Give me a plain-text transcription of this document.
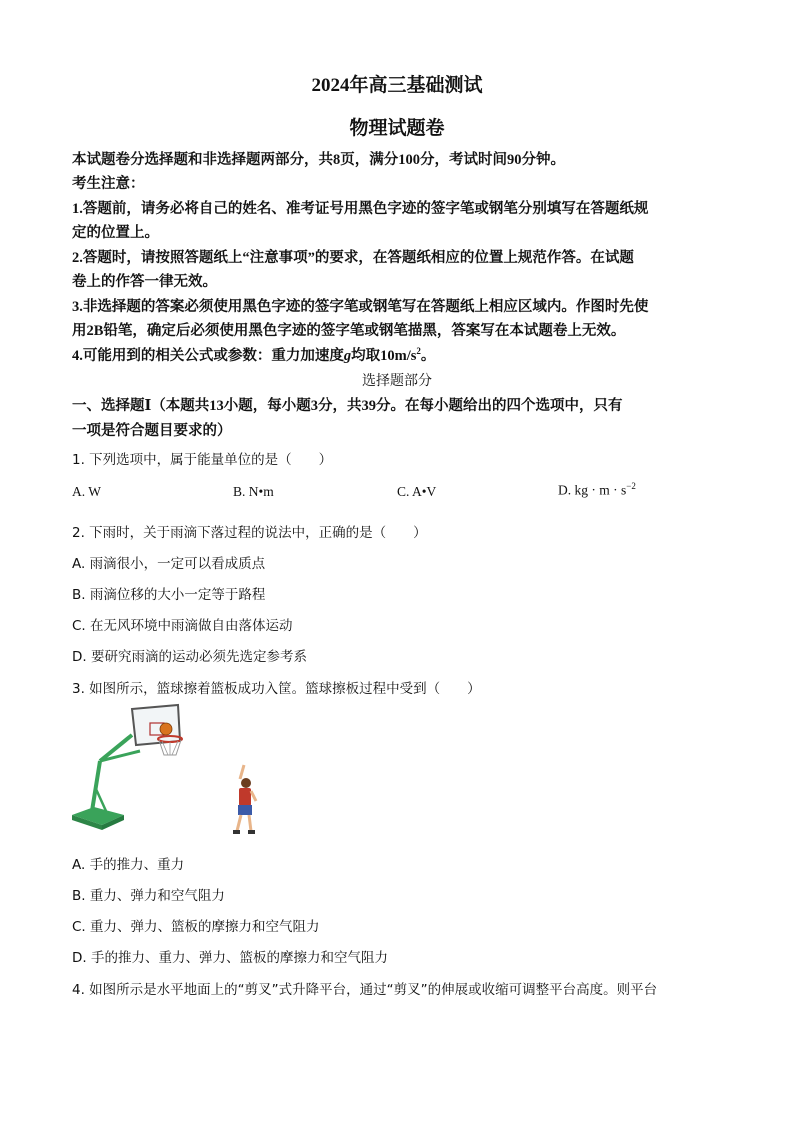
2024年高三基础测试
物理试题卷
本试题卷分选择题和非选择题两部分，共8页，满分100分，考试时间90分钟。
考生注意：
1.答题前，请务必将自己的姓名、准考证号用黑色字迹的签字笔或钢笔分别填写在答题纸规
定的位置上。
2.答题时，请按照答题纸上“注意事项”的要求，在答题纸相应的位置上规范作答。在试题
卷上的作答一律无效。
3.非选择题的答案必须使用黑色字迹的签字笔或钢笔写在答题纸上相应区域内。作图时先使
用2B铅笔，确定后必须使用黑色字迹的签字笔或钢笔描黑，答案写在本试题卷上无效。
4.可能用到的相关公式或参数：重力加速度g均取$10m/s^2$。
选择题部分
一、选择题Ⅰ（本题共13小题，每小题3分，共39分。在每小题给出的四个选项中，只有
一项是符合题目要求的）
1. 下列选项中，属于能量单位的是（　　）
A. W	B. N•m	C. A•V	D. kg · $m \cdot s^{-2}$
2. 下雨时，关于雨滴下落过程的说法中，正确的是（　　）
A. 雨滴很小，一定可以看成质点
B. 雨滴位移的大小一定等于路程
C. 在无风环境中雨滴做自由落体运动
D. 要研究雨滴的运动必须先选定参考系
3. 如图所示，篮球擦着篮板成功入筐。篮球擦板过程中受到（　　）
A. 手的推力、重力
B. 重力、弹力和空气阻力
C. 重力、弹力、篮板的摩擦力和空气阻力
D. 手的推力、重力、弹力、篮板的摩擦力和空气阻力
4. 如图所示是水平地面上的“剪叉”式升降平台，通过“剪叉”的伸展或收缩可调整平台高度。则平台
